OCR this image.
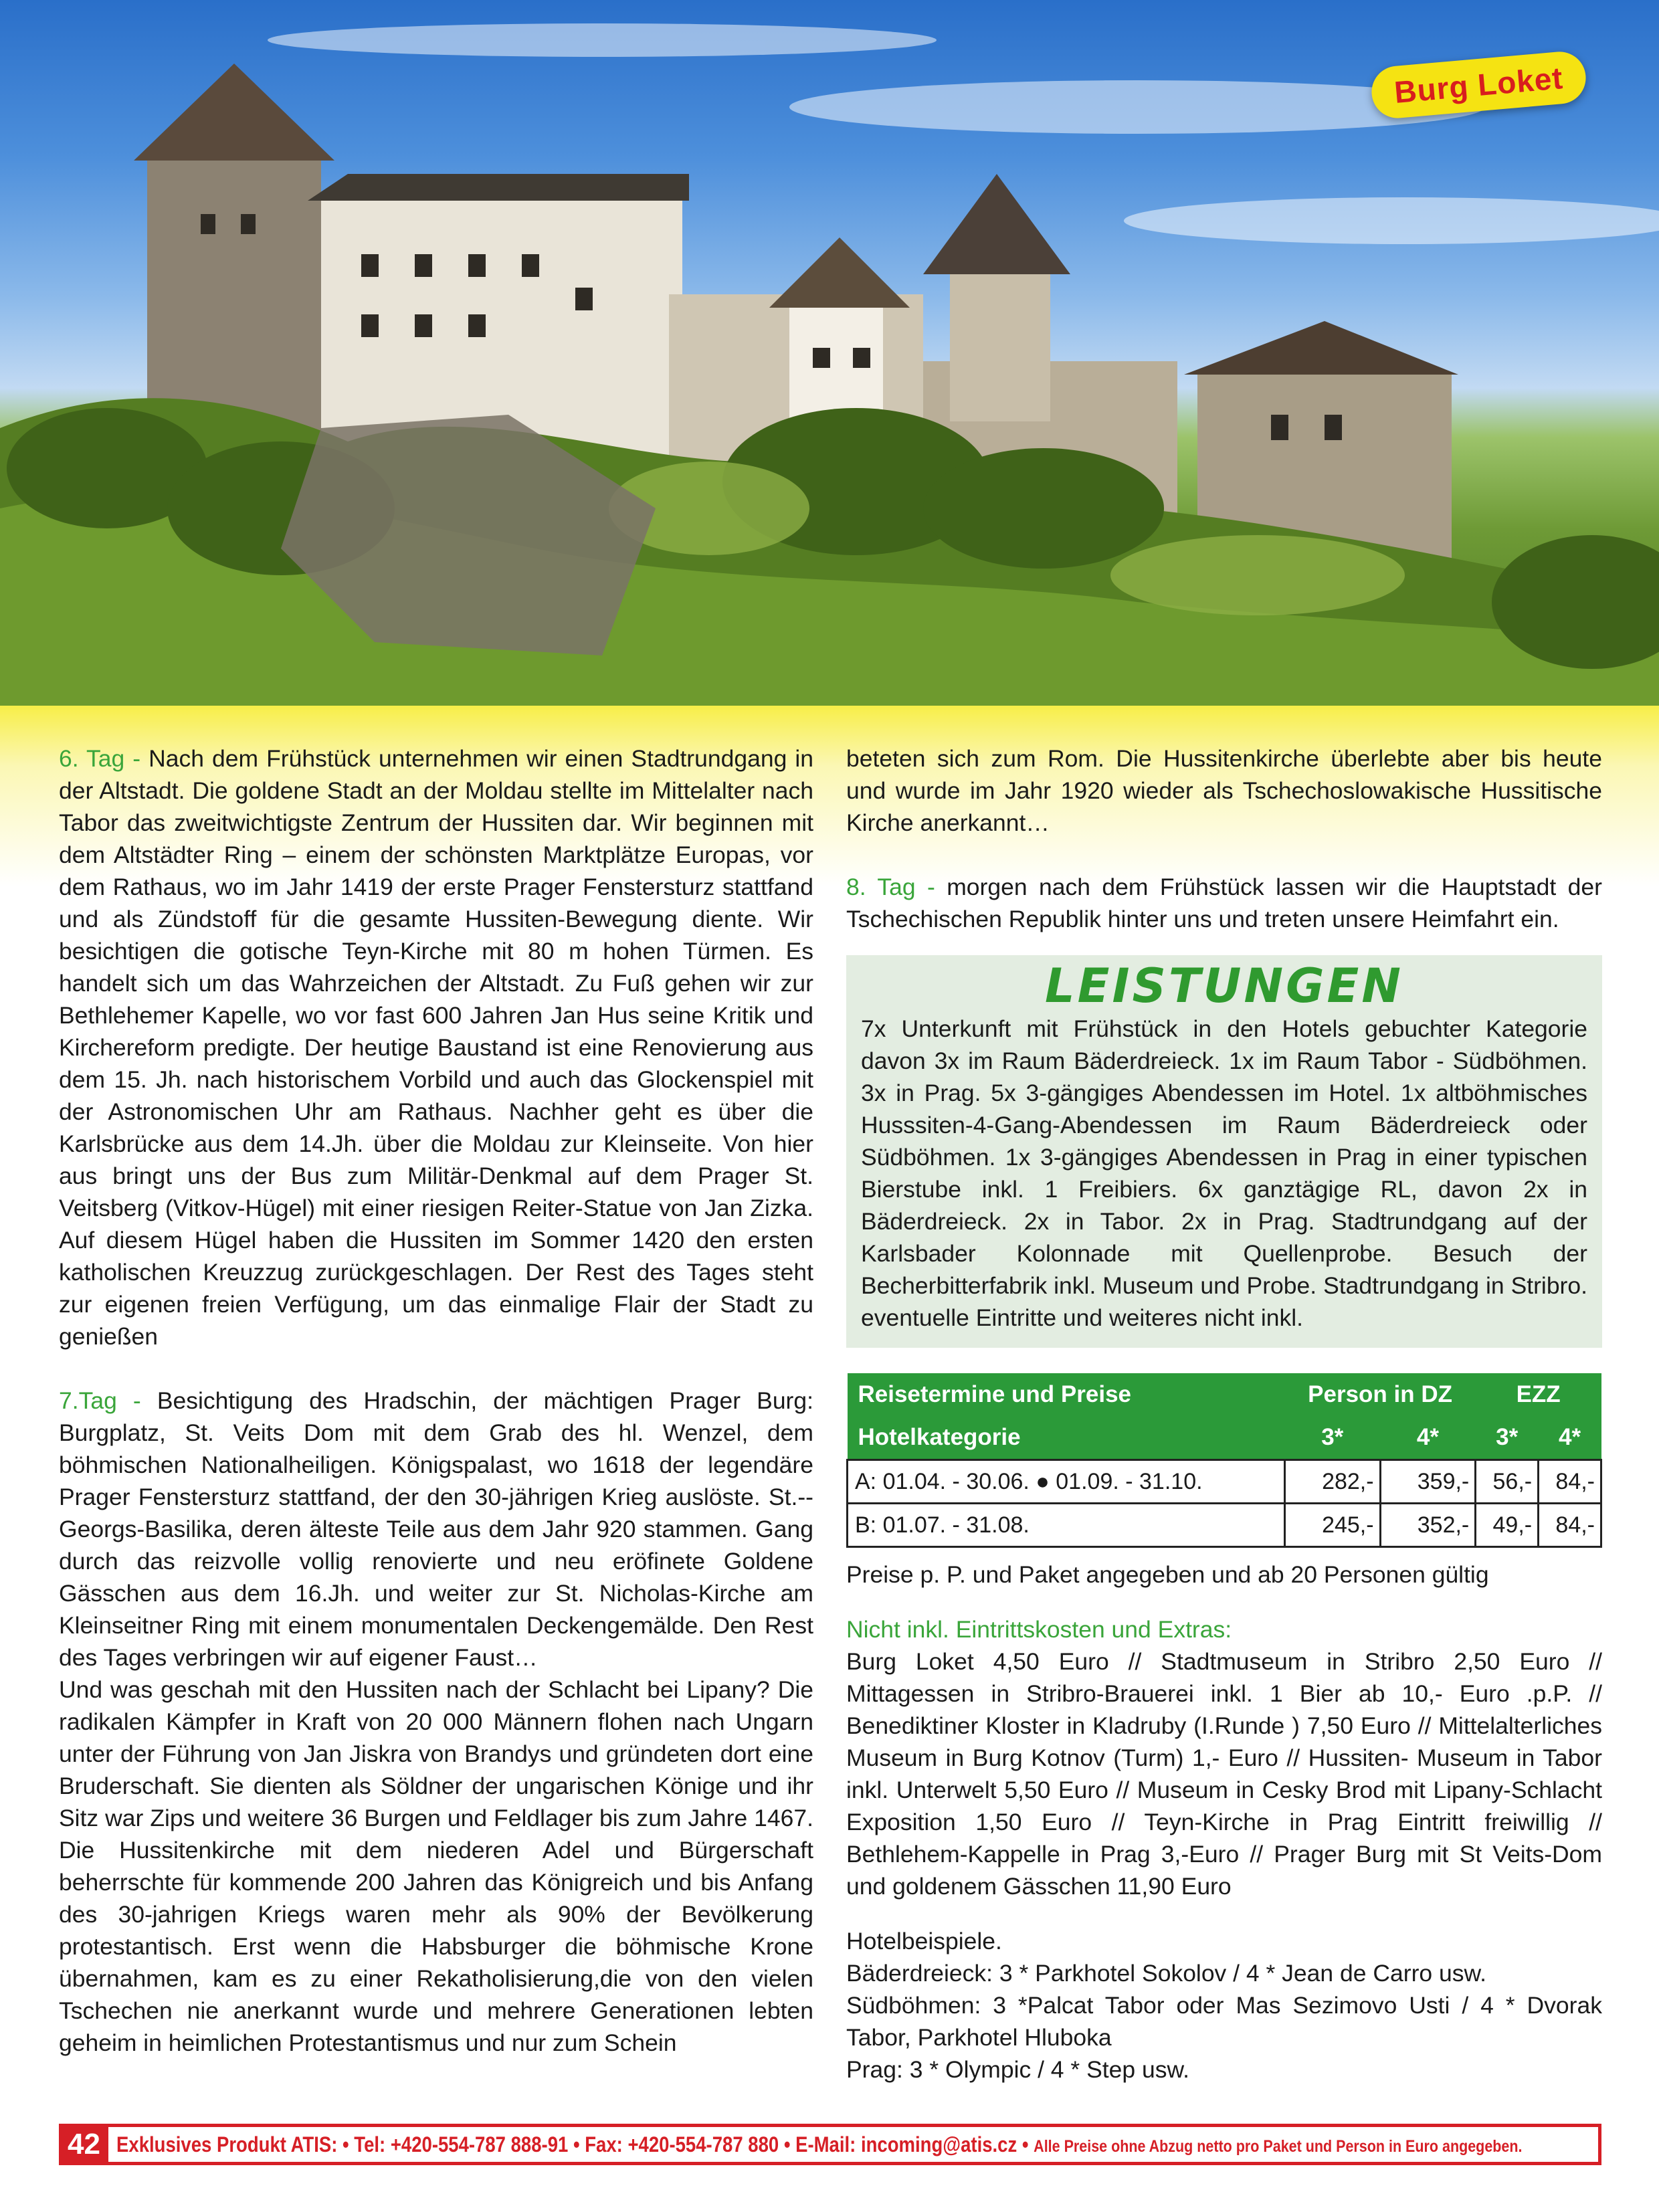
Burg Loket

6. Tag - Nach dem Frühstück unternehmen wir einen Stadtrundgang in der Altstadt. Die goldene Stadt an der Moldau stellte im Mittelalter nach Tabor das zweitwichtigste Zentrum der Hussiten dar. Wir beginnen mit dem Altstädter Ring – einem der schönsten Marktplätze Europas, vor dem Rathaus, wo im Jahr 1419 der erste Prager Fenstersturz stattfand und als Zündstoff für die gesamte Hussiten-Bewegung diente. Wir besichtigen die gotische Teyn-Kirche mit 80 m hohen Türmen. Es handelt sich um das Wahrzeichen der Altstadt. Zu Fuß gehen wir zur Bethlehemer Kapelle, wo vor fast 600 Jahren Jan Hus seine Kritik und Kirchereform predigte. Der heutige Baustand ist eine Renovierung aus dem 15. Jh. nach historischem Vorbild und auch das Glockenspiel mit der Astronomischen Uhr am Rathaus. Nachher geht es über die Karlsbrücke aus dem 14.Jh. über die Moldau zur Kleinseite. Von hier aus bringt uns der Bus zum Militär-Denkmal auf dem Prager St. Veitsberg (Vitkov-Hügel) mit einer riesigen Reiter-Statue von Jan Zizka. Auf diesem Hügel haben die Hussiten im Sommer 1420 den ersten katholischen Kreuzzug zurückgeschlagen. Der Rest des Tages steht zur eigenen freien Verfügung, um das einmalige Flair der Stadt zu genießen

7.Tag - Besichtigung des Hradschin, der mächtigen Prager Burg: Burgplatz, St. Veits Dom mit dem Grab des hl. Wenzel, dem böhmischen Nationalheiligen. Königspalast, wo 1618 der legendäre Prager Fenstersturz stattfand, der den 30-jährigen Krieg auslöste. St.--Georgs-Basilika, deren älteste Teile aus dem Jahr 920 stammen. Gang durch das reizvolle vollig renovierte und neu eröfinete Goldene Gässchen aus dem 16.Jh. und weiter zur St. Nicholas-Kirche am Kleinseitner Ring mit einem monumentalen Deckengemälde. Den Rest des Tages verbringen wir auf eigener Faust…

Und was geschah mit den Hussiten nach der Schlacht bei Lipany? Die radikalen Kämpfer in Kraft von 20 000 Männern flohen nach Ungarn unter der Führung von Jan Jiskra von Brandys und gründeten dort eine Bruderschaft. Sie dienten als Söldner der ungarischen Könige und ihr Sitz war Zips und weitere 36 Burgen und Feldlager bis zum Jahre 1467. Die Hussitenkirche mit dem niederen Adel und Bürgerschaft beherrschte für kommende 200 Jahren das Königreich und bis Anfang des 30-jahrigen Kriegs waren mehr als 90% der Bevölkerung protestantisch. Erst wenn die Habsburger die böhmische Krone übernahmen, kam es zu einer Rekatholisierung,die von den vielen Tschechen nie anerkannt wurde und mehrere Generationen lebten geheim in heimlichen Protestantismus und nur zum Schein

beteten sich zum Rom. Die Hussitenkirche überlebte aber bis heute und wurde im Jahr 1920 wieder als Tschechoslowakische Hussitische Kirche anerkannt…

8. Tag - morgen nach dem Frühstück lassen wir die Hauptstadt der Tschechischen Republik hinter uns und treten unsere Heimfahrt ein.

LEISTUNGEN

7x Unterkunft mit Frühstück in den Hotels gebuchter Kategorie davon 3x im Raum Bäderdreieck. 1x im Raum Tabor - Südböhmen. 3x in Prag. 5x 3-gängiges Abendessen im Hotel. 1x altböhmisches Husssiten-4-Gang-Abendessen im Raum Bäderdreieck oder Südböhmen. 1x 3-gängiges Abendessen in Prag in einer typischen Bierstube inkl. 1 Freibiers. 6x ganztägige RL, davon 2x in Bäderdreieck. 2x in Tabor. 2x in Prag. Stadtrundgang auf der Karlsbader Kolonnade mit Quellenprobe. Besuch der Becherbitterfabrik inkl. Museum und Probe. Stadtrundgang in Stribro. eventuelle Eintritte und weiteres nicht inkl.

Reisetermine und Preise	Person in DZ		EZZ	
Hotelkategorie	3*	4*	3*	4*
A: 01.04. - 30.06. ● 01.09. - 31.10.	282,-	359,-	56,-	84,-
B: 01.07. - 31.08.	245,-	352,-	49,-	84,-

Preise p. P. und Paket angegeben und ab 20 Personen gültig

Nicht inkl. Eintrittskosten und Extras:

Burg Loket 4,50 Euro // Stadtmuseum in Stribro 2,50 Euro // Mittagessen in Stribro-Brauerei inkl. 1 Bier ab 10,- Euro .p.P. // Benediktiner Kloster in Kladruby (I.Runde ) 7,50 Euro // Mittelalterliches Museum in Burg Kotnov (Turm) 1,- Euro // Hussiten- Museum in Tabor inkl. Unterwelt 5,50 Euro // Museum in Cesky Brod mit Lipany-Schlacht Exposition 1,50 Euro // Teyn-Kirche in Prag Eintritt freiwillig // Bethlehem-Kappelle in Prag 3,-Euro // Prager Burg mit St Veits-Dom und goldenem Gässchen 11,90 Euro

Hotelbeispiele.

Bäderdreieck: 3 * Parkhotel Sokolov / 4 * Jean de Carro usw.

Südböhmen: 3 *Palcat Tabor oder Mas Sezimovo Usti / 4 * Dvorak Tabor, Parkhotel Hluboka

Prag: 3 * Olympic / 4 * Step usw.

42 Exklusives Produkt ATIS: • Tel: +420-554-787 888-91 • Fax: +420-554-787 880 • E-Mail: incoming@atis.cz • Alle Preise ohne Abzug netto pro Paket und Person in Euro angegeben.
